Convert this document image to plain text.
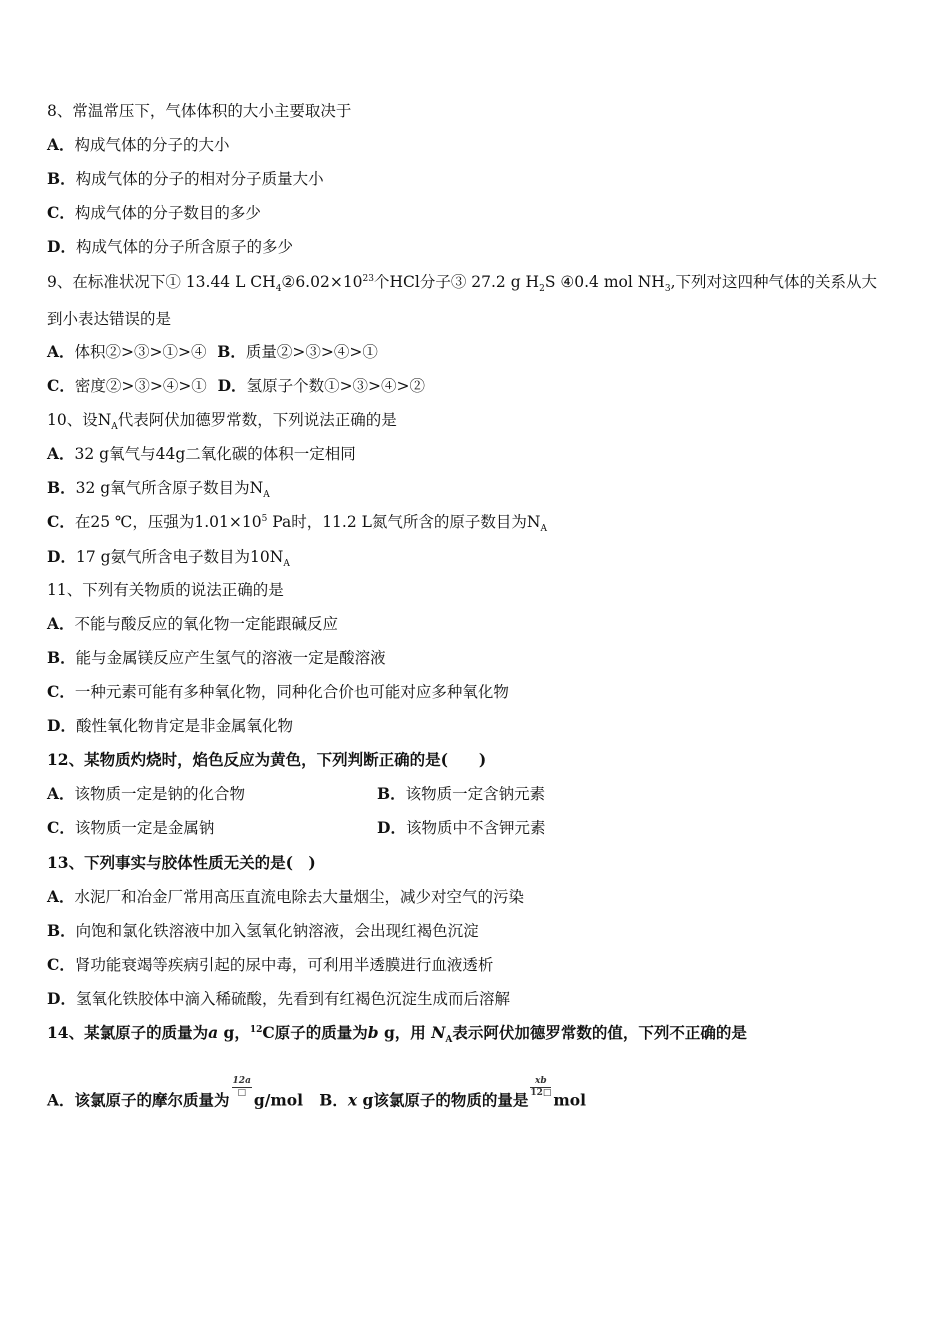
8、常温常压下，气体体积的大小主要取决于
A．构成气体的分子的大小
B．构成气体的分子的相对分子质量大小
C．构成气体的分子数目的多少
D．构成气体的分子所含原子的多少
9、在标准状况下① 13.44 L $CH_4②6.02\times 10^{23}$个HCl分子③ 27.2 g $H_2S$ ④0.4 mol $NH_3$,下列对这四种气体的关系从大
到小表达错误的是
A．体积②>③>①>④ B．质量②>③>④>①
C．密度②>③>④>① D．氢原子个数①>③>④>②
10、设$N_A$代表阿伏加德罗常数，下列说法正确的是
A．32 g氧气与44g二氧化碳的体积一定相同
B．32 g氧气所含原子数目为$N_A$
C．在25 ℃，压强为$1.01\times 10^5$ Pa时，11.2 L氮气所含的原子数目为$N_A$
D．17 g氨气所含电子数目为$10N_A$
11、下列有关物质的说法正确的是
A．不能与酸反应的氧化物一定能跟碱反应
B．能与金属镁反应产生氢气的溶液一定是酸溶液
C．一种元素可能有多种氧化物，同种化合价也可能对应多种氧化物
D．酸性氧化物肯定是非金属氧化物
12、某物质灼烧时，焰色反应为黄色，下列判断正确的是(　　)
A．该物质一定是钠的化合物	B．该物质一定含钠元素
C．该物质一定是金属钠	D．该物质中不含钾元素
13、下列事实与胶体性质无关的是(　)
A．水泥厂和冶金厂常用高压直流电除去大量烟尘，减少对空气的污染
B．向饱和氯化铁溶液中加入氢氧化钠溶液，会出现红褐色沉淀
C．肾功能衰竭等疾病引起的尿中毒，可利用半透膜进行血液透析
D．氢氧化铁胶体中滴入稀硫酸，先看到有红褐色沉淀生成而后溶解
14、某氯原子的质量为a g，$^{12}$C原子的质量为b g，用 $N_A$表示阿伏加德罗常数的值，下列不正确的是
A．该氯原子的摩尔质量为
$\frac{12a}{□}$
g/mol B．x g该氯原子的物质的量是
$\frac{xb}{12□}$
mol
